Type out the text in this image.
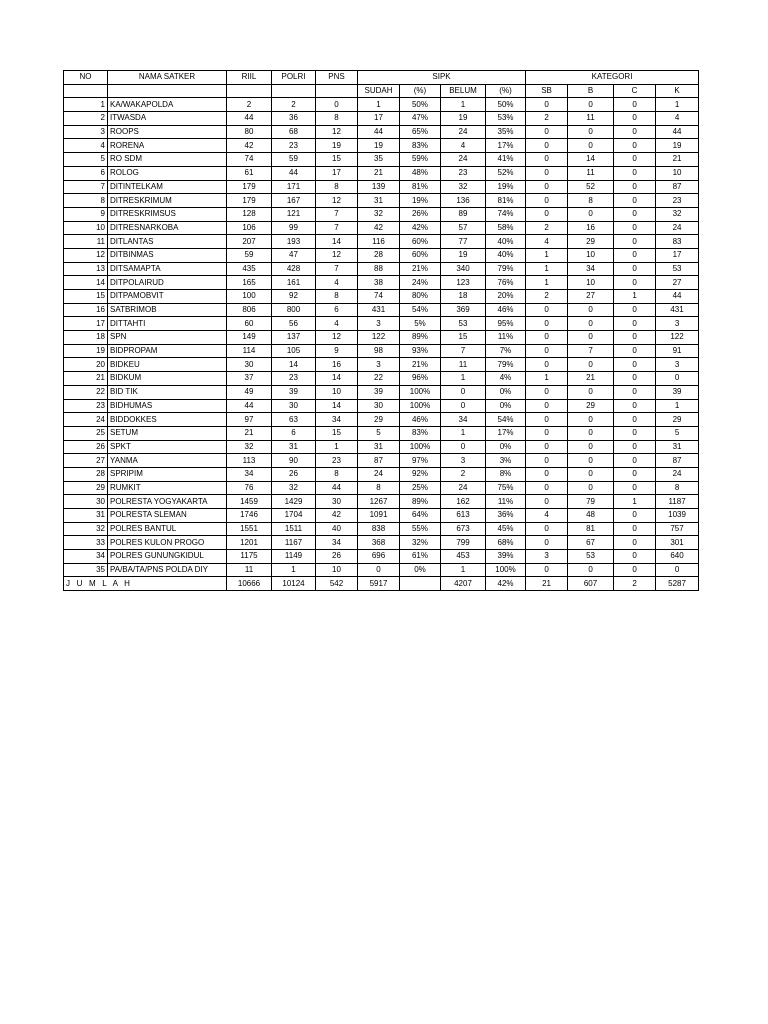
NO	NAMA SATKER	RIIL	POLRI	PNS	SIPK				KATEGORI			
					SUDAH	(%)	BELUM	(%)	SB	B	C	K
1	KA/WAKAPOLDA	2	2	0	1	50%	1	50%	0	0	0	1
2	ITWASDA	44	36	8	17	47%	19	53%	2	11	0	4
3	ROOPS	80	68	12	44	65%	24	35%	0	0	0	44
4	RORENA	42	23	19	19	83%	4	17%	0	0	0	19
5	RO SDM	74	59	15	35	59%	24	41%	0	14	0	21
6	ROLOG	61	44	17	21	48%	23	52%	0	11	0	10
7	DITINTELKAM	179	171	8	139	81%	32	19%	0	52	0	87
8	DITRESKRIMUM	179	167	12	31	19%	136	81%	0	8	0	23
9	DITRESKRIMSUS	128	121	7	32	26%	89	74%	0	0	0	32
10	DITRESNARKOBA	106	99	7	42	42%	57	58%	2	16	0	24
11	DITLANTAS	207	193	14	116	60%	77	40%	4	29	0	83
12	DITBINMAS	59	47	12	28	60%	19	40%	1	10	0	17
13	DITSAMAPTA	435	428	7	88	21%	340	79%	1	34	0	53
14	DITPOLAIRUD	165	161	4	38	24%	123	76%	1	10	0	27
15	DITPAMOBVIT	100	92	8	74	80%	18	20%	2	27	1	44
16	SATBRIMOB	806	800	6	431	54%	369	46%	0	0	0	431
17	DITTAHTI	60	56	4	3	5%	53	95%	0	0	0	3
18	SPN	149	137	12	122	89%	15	11%	0	0	0	122
19	BIDPROPAM	114	105	9	98	93%	7	7%	0	7	0	91
20	BIDKEU	30	14	16	3	21%	11	79%	0	0	0	3
21	BIDKUM	37	23	14	22	96%	1	4%	1	21	0	0
22	BID TIK	49	39	10	39	100%	0	0%	0	0	0	39
23	BIDHUMAS	44	30	14	30	100%	0	0%	0	29	0	1
24	BIDDOKKES	97	63	34	29	46%	34	54%	0	0	0	29
25	SETUM	21	6	15	5	83%	1	17%	0	0	0	5
26	SPKT	32	31	1	31	100%	0	0%	0	0	0	31
27	YANMA	113	90	23	87	97%	3	3%	0	0	0	87
28	SPRIPIM	34	26	8	24	92%	2	8%	0	0	0	24
29	RUMKIT	76	32	44	8	25%	24	75%	0	0	0	8
30	POLRESTA YOGYAKARTA	1459	1429	30	1267	89%	162	11%	0	79	1	1187
31	POLRESTA SLEMAN	1746	1704	42	1091	64%	613	36%	4	48	0	1039
32	POLRES BANTUL	1551	1511	40	838	55%	673	45%	0	81	0	757
33	POLRES KULON PROGO	1201	1167	34	368	32%	799	68%	0	67	0	301
34	POLRES GUNUNGKIDUL	1175	1149	26	696	61%	453	39%	3	53	0	640
35	PA/BA/TA/PNS POLDA DIY	11	1	10	0	0%	1	100%	0	0	0	0
J U M L A H		10666	10124	542	5917		4207	42%	21	607	2	5287
